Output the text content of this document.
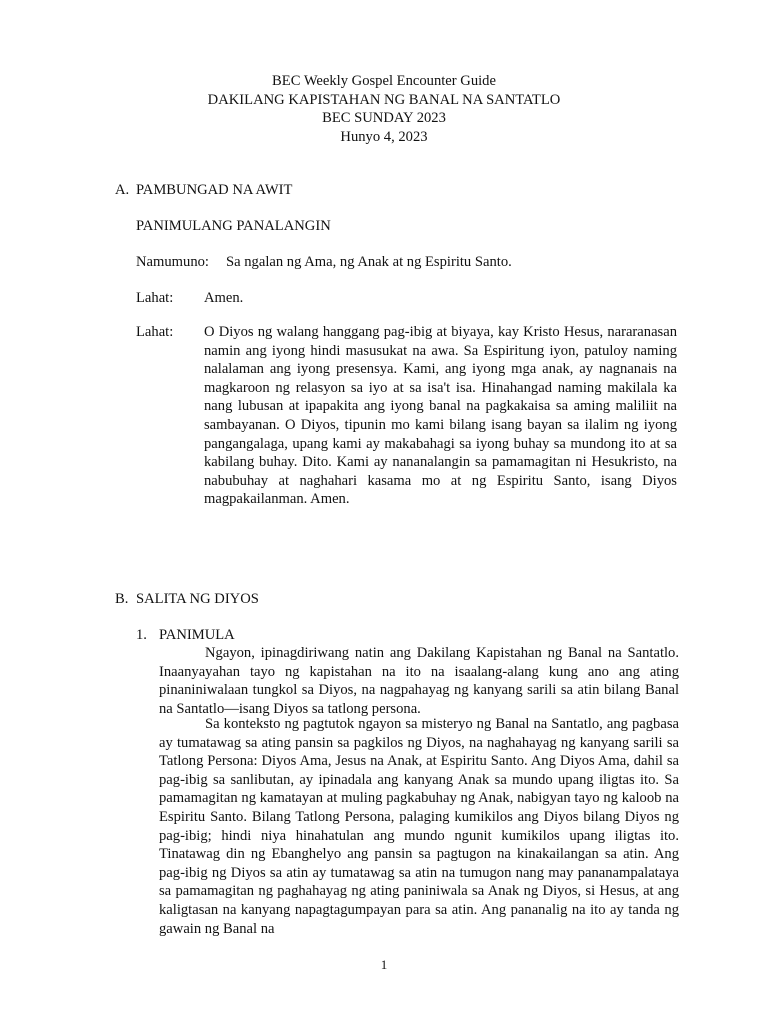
BEC Weekly Gospel Encounter Guide
DAKILANG KAPISTAHAN NG BANAL NA SANTATLO
BEC SUNDAY 2023
Hunyo 4, 2023
A. PAMBUNGAD NA AWIT
PANIMULANG PANALANGIN
Namumuno: Sa ngalan ng Ama, ng Anak at ng Espiritu Santo.
Lahat: Amen.
Lahat: O Diyos ng walang hanggang pag-ibig at biyaya, kay Kristo Hesus, nararanasan namin ang iyong hindi masusukat na awa. Sa Espiritung iyon, patuloy naming nalalaman ang iyong presensya. Kami, ang iyong mga anak, ay nagnanais na magkaroon ng relasyon sa iyo at sa isa't isa. Hinahangad naming makilala ka nang lubusan at ipapakita ang iyong banal na pagkakaisa sa aming maliliit na sambayanan. O Diyos, tipunin mo kami bilang isang bayan sa ilalim ng iyong pangangalaga, upang kami ay makabahagi sa iyong buhay sa mundong ito at sa kabilang buhay. Dito. Kami ay nananalangin sa pamamagitan ni Hesukristo, na nabubuhay at naghahari kasama mo at ng Espiritu Santo, isang Diyos magpakailanman. Amen.
B. SALITA NG DIYOS
1. PANIMULA
Ngayon, ipinagdiriwang natin ang Dakilang Kapistahan ng Banal na Santatlo. Inaanyayahan tayo ng kapistahan na ito na isaalang-alang kung ano ang ating pinaniniwalaan tungkol sa Diyos, na nagpahayag ng kanyang sarili sa atin bilang Banal na Santatlo—isang Diyos sa tatlong persona.
Sa konteksto ng pagtutok ngayon sa misteryo ng Banal na Santatlo, ang pagbasa ay tumatawag sa ating pansin sa pagkilos ng Diyos, na naghahayag ng kanyang sarili sa Tatlong Persona: Diyos Ama, Jesus na Anak, at Espiritu Santo. Ang Diyos Ama, dahil sa pag-ibig sa sanlibutan, ay ipinadala ang kanyang Anak sa mundo upang iligtas ito. Sa pamamagitan ng kamatayan at muling pagkabuhay ng Anak, nabigyan tayo ng kaloob na Espiritu Santo. Bilang Tatlong Persona, palaging kumikilos ang Diyos bilang Diyos ng pag-ibig; hindi niya hinahatulan ang mundo ngunit kumikilos upang iligtas ito. Tinatawag din ng Ebanghelyo ang pansin sa pagtugon na kinakailangan sa atin. Ang pag-ibig ng Diyos sa atin ay tumatawag sa atin na tumugon nang may pananampalataya sa pamamagitan ng paghahayag ng ating paniniwala sa Anak ng Diyos, si Hesus, at ang kaligtasan na kanyang napagtagumpayan para sa atin. Ang pananalig na ito ay tanda ng gawain ng Banal na
1
